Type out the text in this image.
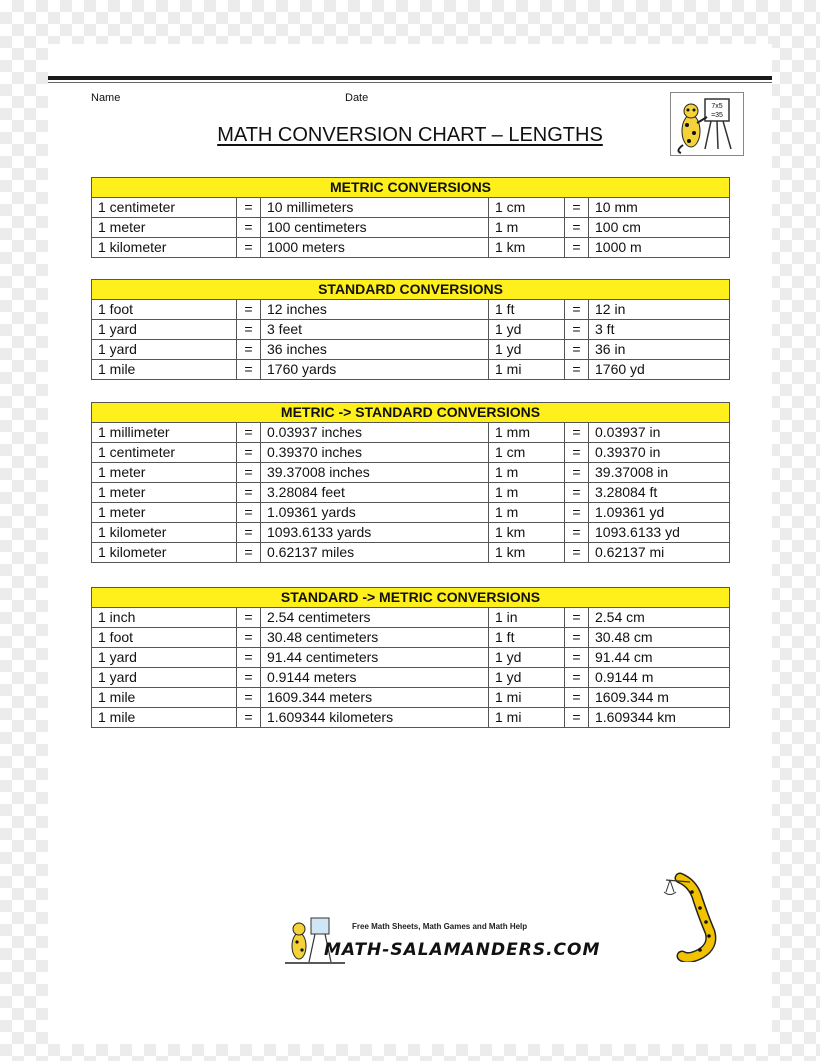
Name	Date
MATH CONVERSION CHART – LENGTHS
7x5
=35
METRIC CONVERSIONS					
1 centimeter	=	10 millimeters	1 cm	=	10 mm
1 meter	=	100 centimeters	1 m	=	100 cm
1 kilometer	=	1000 meters	1 km	=	1000 m
STANDARD CONVERSIONS					
1 foot	=	12 inches	1 ft	=	12 in
1 yard	=	3 feet	1 yd	=	3 ft
1 yard	=	36 inches	1 yd	=	36 in
1 mile	=	1760 yards	1 mi	=	1760 yd
METRIC -> STANDARD CONVERSIONS					
1 millimeter	=	0.03937 inches	1 mm	=	0.03937 in
1 centimeter	=	0.39370 inches	1 cm	=	0.39370 in
1 meter	=	39.37008 inches	1 m	=	39.37008 in
1 meter	=	3.28084 feet	1 m	=	3.28084 ft
1 meter	=	1.09361 yards	1 m	=	1.09361 yd
1 kilometer	=	1093.6133 yards	1 km	=	1093.6133 yd
1 kilometer	=	0.62137 miles	1 km	=	0.62137 mi
STANDARD -> METRIC CONVERSIONS					
1 inch	=	2.54 centimeters	1 in	=	2.54 cm
1 foot	=	30.48 centimeters	1 ft	=	30.48 cm
1 yard	=	91.44 centimeters	1 yd	=	91.44 cm
1 yard	=	0.9144 meters	1 yd	=	0.9144 m
1 mile	=	1609.344 meters	1 mi	=	1609.344 m
1 mile	=	1.609344 kilometers	1 mi	=	1.609344 km
Free Math Sheets, Math Games and Math Help
MATH-SALAMANDERS.COM
